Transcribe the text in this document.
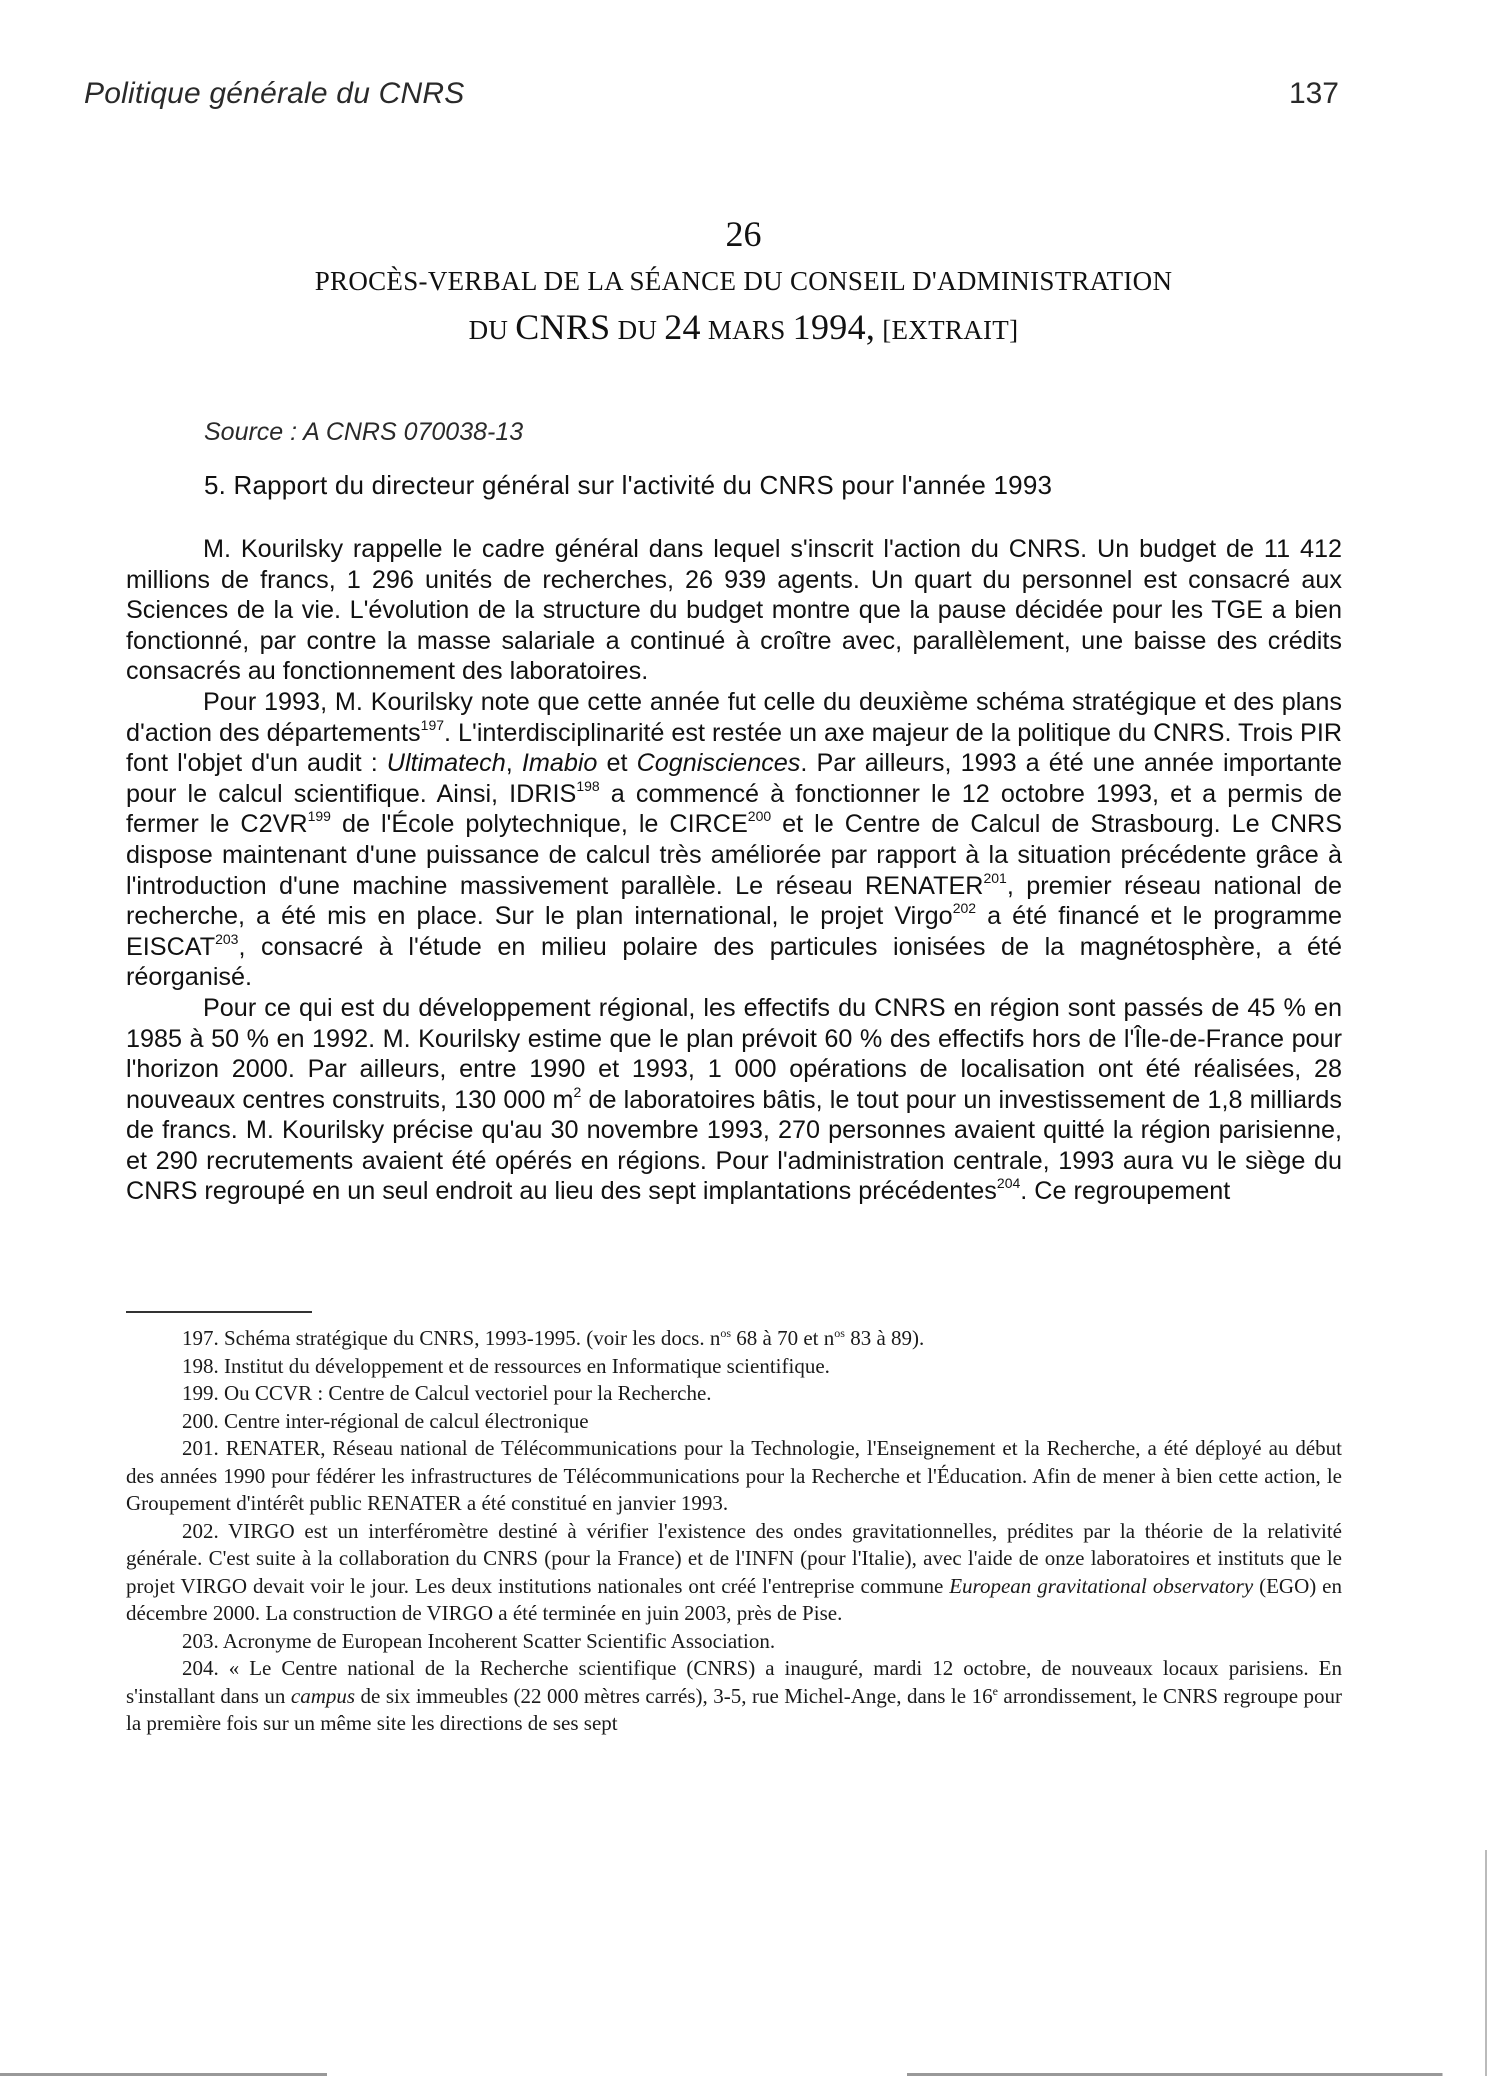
Politique générale du CNRS	137
26
PROCÈS-VERBAL DE LA SÉANCE DU CONSEIL D'ADMINISTRATION
DU CNRS DU 24 MARS 1994, [EXTRAIT]
Source : A CNRS 070038-13
5. Rapport du directeur général sur l'activité du CNRS pour l'année 1993

M. Kourilsky rappelle le cadre général dans lequel s'inscrit l'action du CNRS. Un budget de 11 412 millions de francs, 1 296 unités de recherches, 26 939 agents. Un quart du personnel est consacré aux Sciences de la vie. L'évolution de la structure du budget montre que la pause décidée pour les TGE a bien fonctionné, par contre la masse salariale a continué à croître avec, parallèlement, une baisse des crédits consacrés au fonctionnement des laboratoires.

Pour 1993, M. Kourilsky note que cette année fut celle du deuxième schéma stratégique et des plans d'action des départements$^{197}$. L'interdisciplinarité est restée un axe majeur de la politique du CNRS. Trois PIR font l'objet d'un audit : Ultimatech, Imabio et Cognisciences. Par ailleurs, 1993 a été une année importante pour le calcul scientifique. Ainsi, IDRIS$^{198}$ a commencé à fonctionner le 12 octobre 1993, et a permis de fermer le C2VR$^{199}$ de l'École polytechnique, le CIRCE$^{200}$ et le Centre de Calcul de Strasbourg. Le CNRS dispose maintenant d'une puissance de calcul très améliorée par rapport à la situation précédente grâce à l'introduction d'une machine massivement parallèle. Le réseau RENATER$^{201}$, premier réseau national de recherche, a été mis en place. Sur le plan international, le projet Virgo$^{202}$ a été financé et le programme EISCAT$^{203}$, consacré à l'étude en milieu polaire des particules ionisées de la magnétosphère, a été réorganisé.

Pour ce qui est du développement régional, les effectifs du CNRS en région sont passés de 45 % en 1985 à 50 % en 1992. M. Kourilsky estime que le plan prévoit 60 % des effectifs hors de l'Île-de-France pour l'horizon 2000. Par ailleurs, entre 1990 et 1993, 1 000 opérations de localisation ont été réalisées, 28 nouveaux centres construits, 130 000 $m^2$ de laboratoires bâtis, le tout pour un investissement de 1,8 milliards de francs. M. Kourilsky précise qu'au 30 novembre 1993, 270 personnes avaient quitté la région parisienne, et 290 recrutements avaient été opérés en régions. Pour l'administration centrale, 1993 aura vu le siège du CNRS regroupé en un seul endroit au lieu des sept implantations précédentes$^{204}$. Ce regroupement

197. Schéma stratégique du CNRS, 1993-1995. (voir les docs. $n^{os}$ 68 à 70 et $n^{os}$ 83 à 89).

198. Institut du développement et de ressources en Informatique scientifique.

199. Ou CCVR : Centre de Calcul vectoriel pour la Recherche.

200. Centre inter-régional de calcul électronique

201. RENATER, Réseau national de Télécommunications pour la Technologie, l'Enseignement et la Recherche, a été déployé au début des années 1990 pour fédérer les infrastructures de Télécommunications pour la Recherche et l'Éducation. Afin de mener à bien cette action, le Groupement d'intérêt public RENATER a été constitué en janvier 1993.

202. VIRGO est un interféromètre destiné à vérifier l'existence des ondes gravitationnelles, prédites par la théorie de la relativité générale. C'est suite à la collaboration du CNRS (pour la France) et de l'INFN (pour l'Italie), avec l'aide de onze laboratoires et instituts que le projet VIRGO devait voir le jour. Les deux institutions nationales ont créé l'entreprise commune European gravitational observatory (EGO) en décembre 2000. La construction de VIRGO a été terminée en juin 2003, près de Pise.

203. Acronyme de European Incoherent Scatter Scientific Association.

204. « Le Centre national de la Recherche scientifique (CNRS) a inauguré, mardi 12 octobre, de nouveaux locaux parisiens. En s'installant dans un campus de six immeubles (22 000 mètres carrés), 3-5, rue Michel-Ange, dans le 16e arrondissement, le CNRS regroupe pour la première fois sur un même site les directions de ses sept
